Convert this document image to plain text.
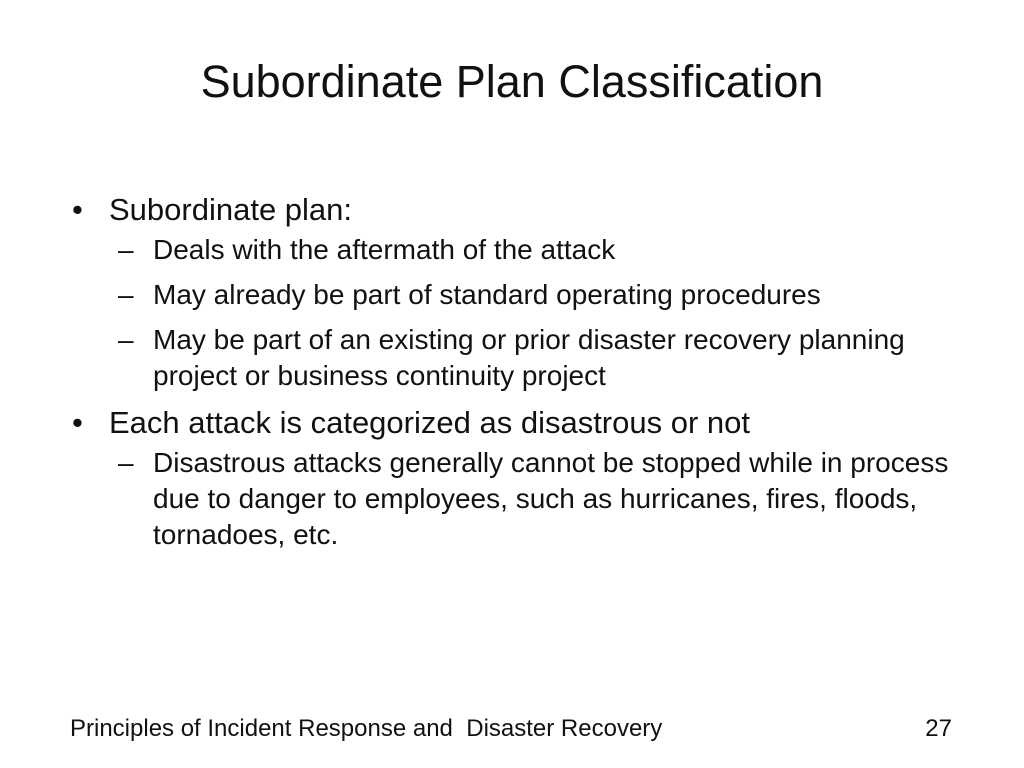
Subordinate Plan Classification
• Subordinate plan:
– Deals with the aftermath of the attack
– May already be part of standard operating procedures
– May be part of an existing or prior disaster recovery planning project or business continuity project
• Each attack is categorized as disastrous or not
– Disastrous attacks generally cannot be stopped while in process due to danger to employees, such as hurricanes, fires, floods, tornadoes, etc.
Principles of Incident Response and  Disaster Recovery	27
